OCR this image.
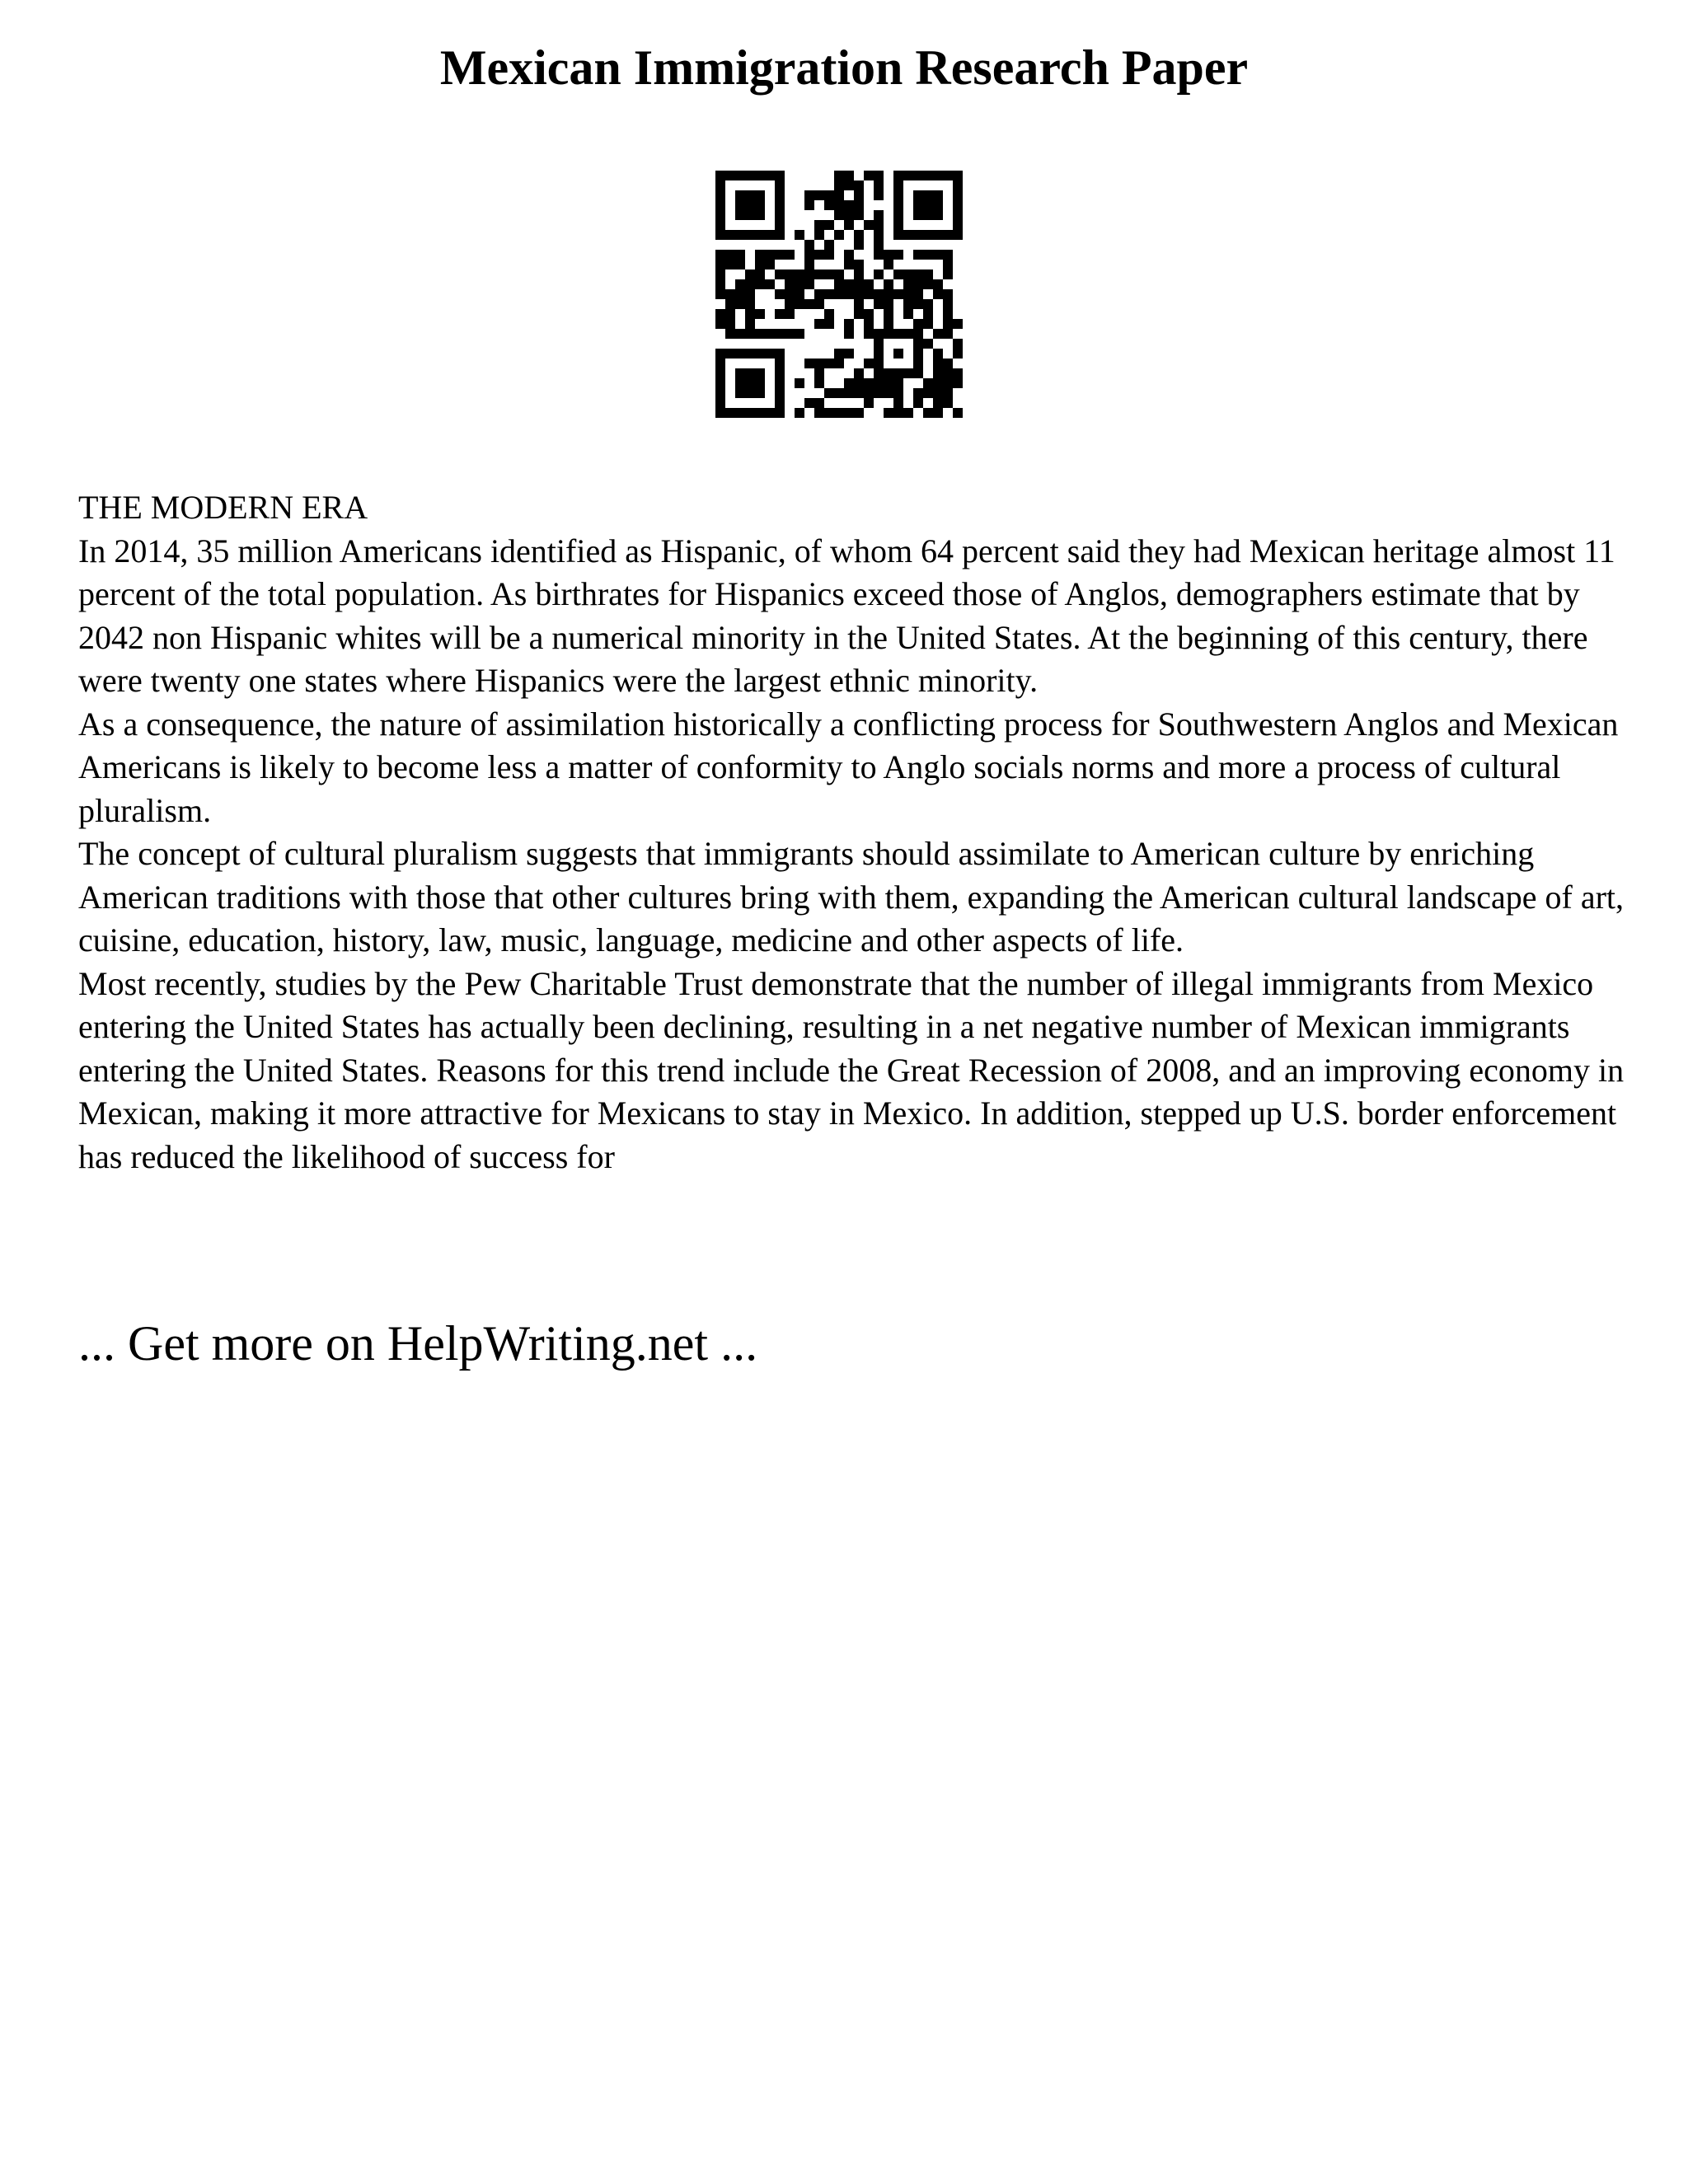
Mexican Immigration Research Paper

THE MODERN ERA

In 2014, 35 million Americans identified as Hispanic, of whom 64 percent said they had Mexican heritage almost 11 percent of the total population. As birthrates for Hispanics exceed those of Anglos, demographers estimate that by 2042 non Hispanic whites will be a numerical minority in the United States. At the beginning of this century, there were twenty one states where Hispanics were the largest ethnic minority.

As a consequence, the nature of assimilation historically a conflicting process for Southwestern Anglos and Mexican Americans is likely to become less a matter of conformity to Anglo socials norms and more a process of cultural pluralism.

The concept of cultural pluralism suggests that immigrants should assimilate to American culture by enriching American traditions with those that other cultures bring with them, expanding the American cultural landscape of art, cuisine, education, history, law, music, language, medicine and other aspects of life.

Most recently, studies by the Pew Charitable Trust demonstrate that the number of illegal immigrants from Mexico entering the United States has actually been declining, resulting in a net negative number of Mexican immigrants entering the United States. Reasons for this trend include the Great Recession of 2008, and an improving economy in Mexican, making it more attractive for Mexicans to stay in Mexico. In addition, stepped up U.S. border enforcement has reduced the likelihood of success for

... Get more on HelpWriting.net ...
